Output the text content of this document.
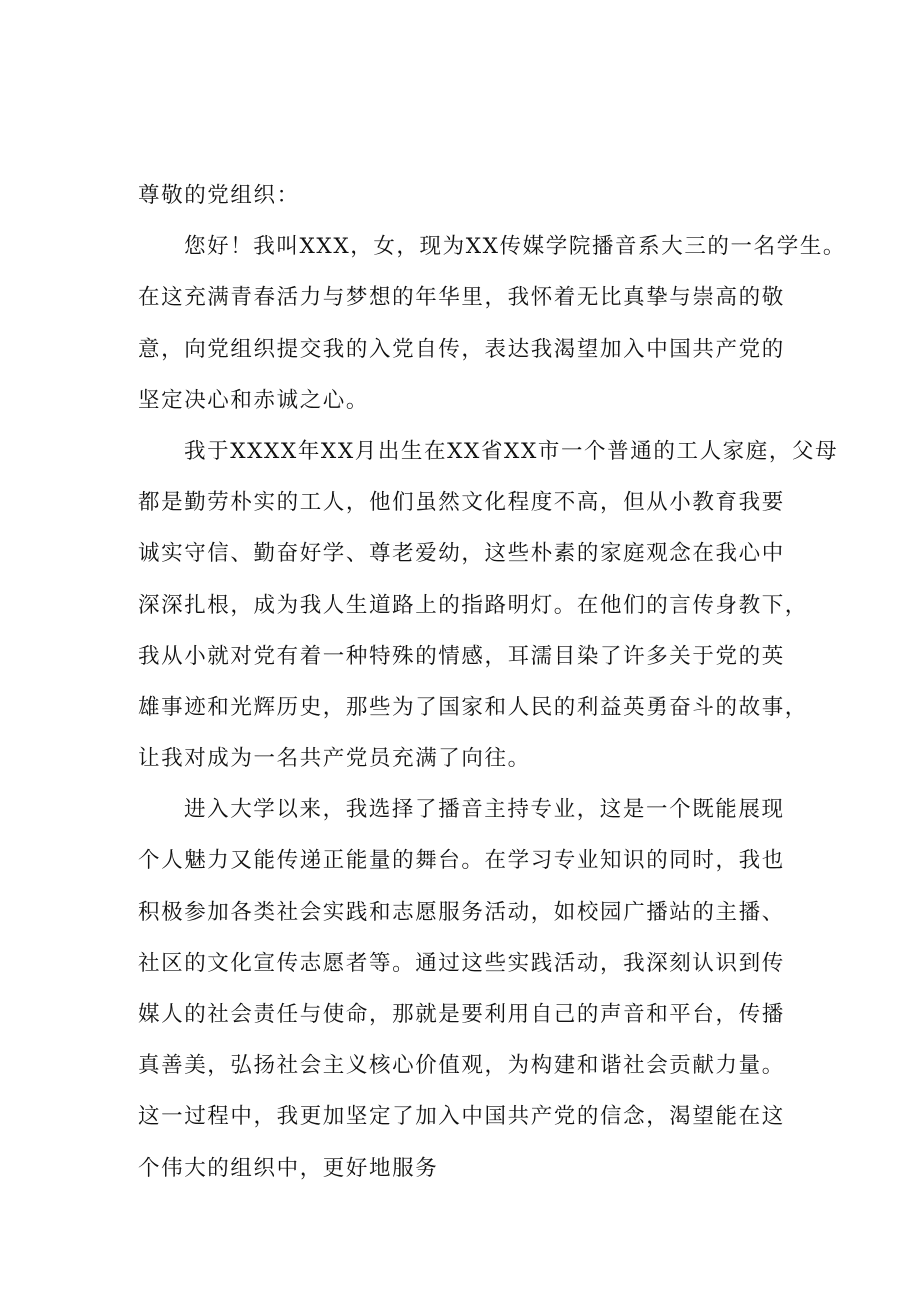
尊敬的党组织：
您好！我叫XXX，女，现为XX传媒学院播音系大三的一名学生。
在这充满青春活力与梦想的年华里，我怀着无比真挚与崇高的敬
意，向党组织提交我的入党自传，表达我渴望加入中国共产党的
坚定决心和赤诚之心。
我于XXXX年XX月出生在XX省XX市一个普通的工人家庭，父母
都是勤劳朴实的工人，他们虽然文化程度不高，但从小教育我要
诚实守信、勤奋好学、尊老爱幼，这些朴素的家庭观念在我心中
深深扎根，成为我人生道路上的指路明灯。在他们的言传身教下，
我从小就对党有着一种特殊的情感，耳濡目染了许多关于党的英
雄事迹和光辉历史，那些为了国家和人民的利益英勇奋斗的故事，
让我对成为一名共产党员充满了向往。
进入大学以来，我选择了播音主持专业，这是一个既能展现
个人魅力又能传递正能量的舞台。在学习专业知识的同时，我也
积极参加各类社会实践和志愿服务活动，如校园广播站的主播、
社区的文化宣传志愿者等。通过这些实践活动，我深刻认识到传
媒人的社会责任与使命，那就是要利用自己的声音和平台，传播
真善美，弘扬社会主义核心价值观，为构建和谐社会贡献力量。
这一过程中，我更加坚定了加入中国共产党的信念，渴望能在这
个伟大的组织中，更好地服务
